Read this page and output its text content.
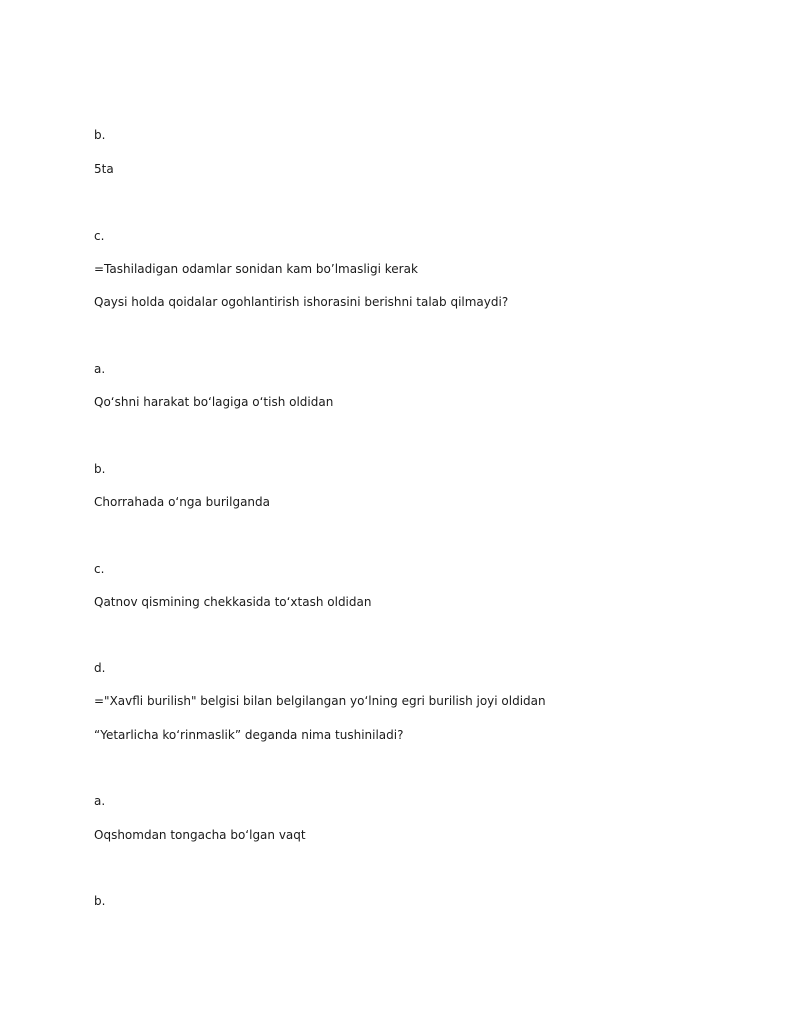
b.
5ta
c.
=Tashiladigan odamlar sonidan kam bo’lmasligi kerak
Qaysi holda qoidalar ogohlantirish ishorasini berishni talab qilmaydi?
a.
Qo‘shni harakat bo‘lagiga o‘tish oldidan
b.
Chorrahada o‘nga burilganda
c.
Qatnov qismining chekkasida to‘xtash oldidan
d.
="Xavfli burilish" belgisi bilan belgilangan yo‘lning egri burilish joyi oldidan
“Yetarlicha ko‘rinmaslik” deganda nima tushiniladi?
a.
Oqshomdan tongacha bo‘lgan vaqt
b.
